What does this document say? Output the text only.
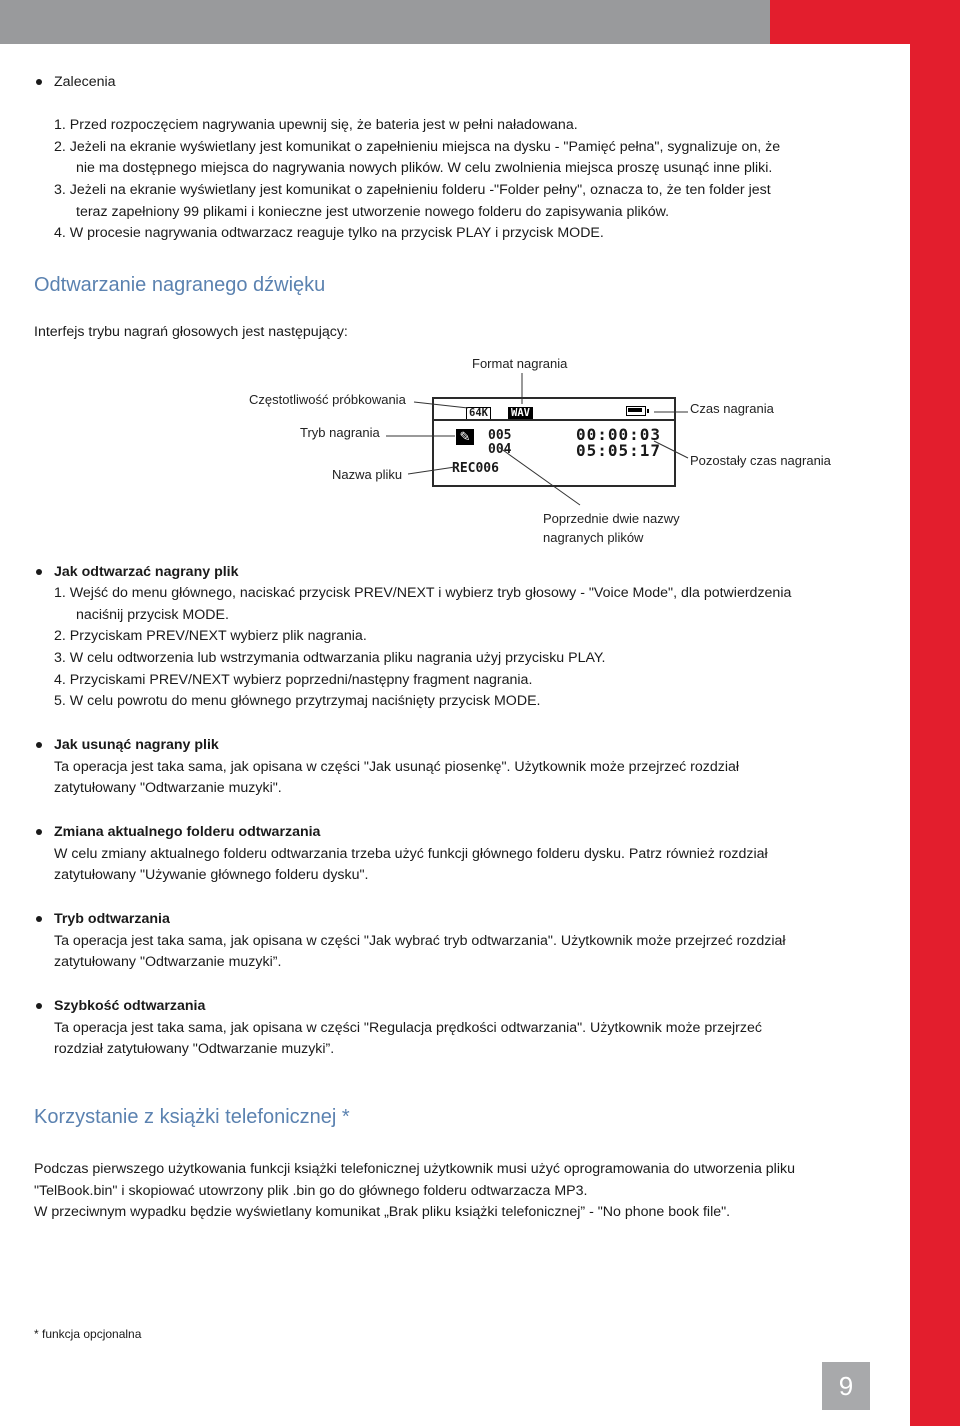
9
Zalecenia
1. Przed rozpoczęciem nagrywania upewnij się, że bateria jest w pełni naładowana.
2. Jeżeli na ekranie wyświetlany jest komunikat o zapełnieniu miejsca na dysku - "Pamięć pełna", sygnalizuje on, że
nie ma dostępnego miejsca do nagrywania nowych plików. W celu zwolnienia miejsca proszę usunąć inne pliki.
3. Jeżeli na ekranie wyświetlany jest komunikat o zapełnieniu folderu -"Folder pełny", oznacza to, że ten folder jest
teraz zapełniony 99 plikami i konieczne jest utworzenie nowego folderu do zapisywania plików.
4. W procesie nagrywania odtwarzacz reaguje tylko na przycisk PLAY i przycisk MODE.
Odtwarzanie nagranego dźwięku
Interfejs trybu nagrań głosowych jest następujący:
Format nagrania
Częstotliwość próbkowania
Tryb nagrania
Nazwa pliku
Czas nagrania
Pozostały czas nagrania
Poprzednie dwie nazwy
nagranych plików
64K WAV
✎ 005
004
00:00:03
05:05:17
REC006
Jak odtwarzać nagrany plik
1. Wejść do menu głównego, naciskać przycisk PREV/NEXT i wybierz tryb głosowy - "Voice Mode", dla potwierdzenia
naciśnij przycisk MODE.
2. Przyciskam PREV/NEXT wybierz plik nagrania.
3. W celu odtworzenia lub wstrzymania odtwarzania pliku nagrania użyj przycisku PLAY.
4. Przyciskami PREV/NEXT wybierz poprzedni/następny fragment nagrania.
5. W celu powrotu do menu głównego przytrzymaj naciśnięty przycisk MODE.
Jak usunąć nagrany plik
Ta operacja jest taka sama, jak opisana w części "Jak usunąć piosenkę". Użytkownik może przejrzeć rozdział
zatytułowany "Odtwarzanie muzyki".
Zmiana aktualnego folderu odtwarzania
W celu zmiany aktualnego folderu odtwarzania trzeba użyć funkcji głównego folderu dysku. Patrz również rozdział
zatytułowany "Używanie głównego folderu dysku".
Tryb odtwarzania
Ta operacja jest taka sama, jak opisana w części "Jak wybrać tryb odtwarzania". Użytkownik może przejrzeć rozdział
zatytułowany "Odtwarzanie muzyki”.
Szybkość odtwarzania
Ta operacja jest taka sama, jak opisana w części "Regulacja prędkości odtwarzania". Użytkownik może przejrzeć
rozdział zatytułowany "Odtwarzanie muzyki”.
Korzystanie z książki telefonicznej *
Podczas pierwszego użytkowania funkcji książki telefonicznej użytkownik musi użyć oprogramowania do utworzenia pliku
"TelBook.bin" i skopiować utowrzony plik .bin go do głównego folderu odtwarzacza MP3.
W przeciwnym wypadku będzie wyświetlany komunikat „Brak pliku książki telefonicznej” - "No phone book file".
* funkcja opcjonalna
